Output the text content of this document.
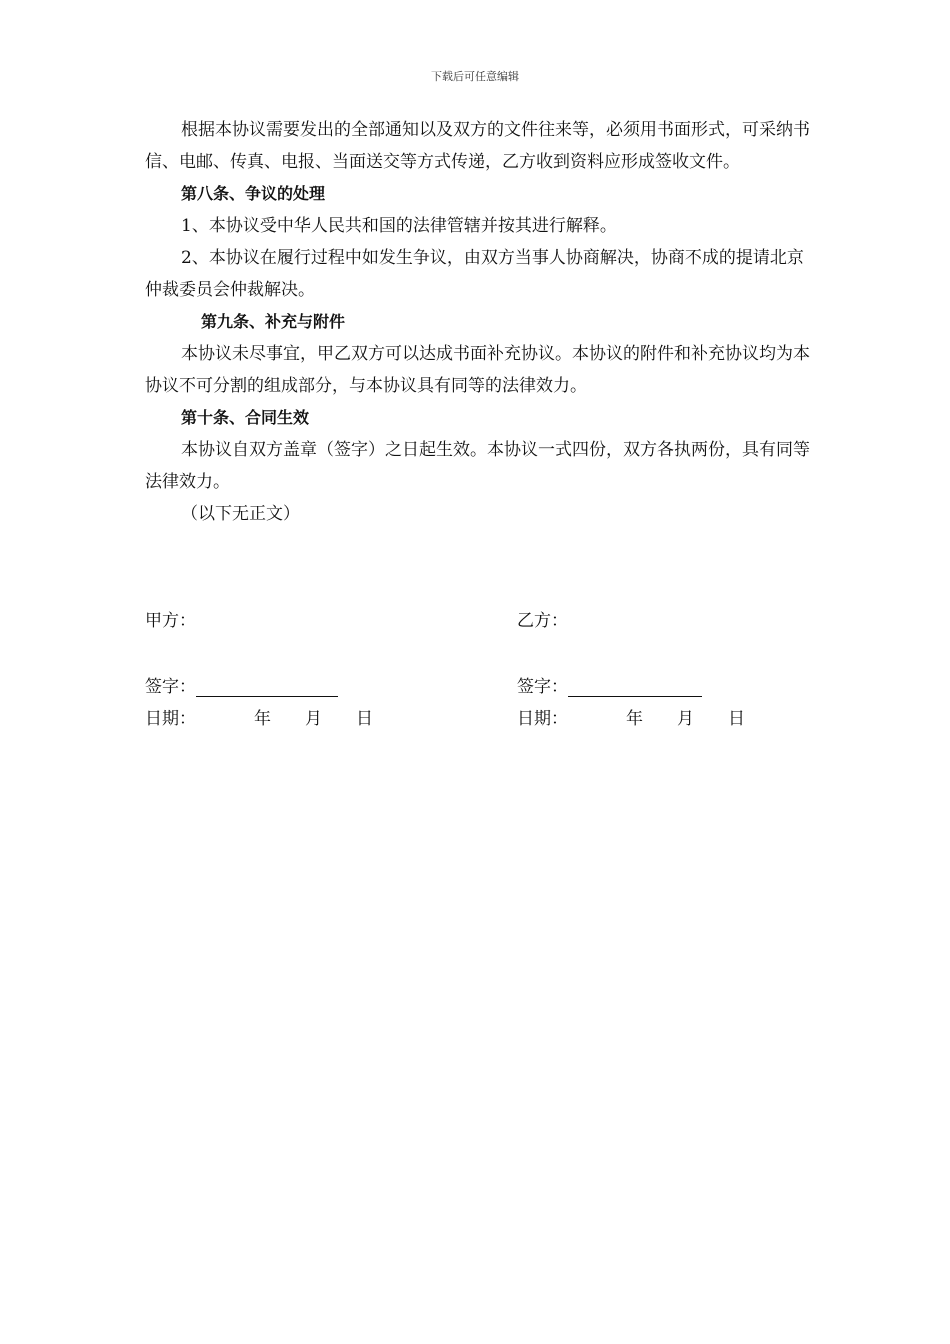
下载后可任意编辑

根据本协议需要发出的全部通知以及双方的文件往来等，必须用书面形式，可采纳书信、电邮、传真、电报、当面送交等方式传递，乙方收到资料应形成签收文件。

第八条、争议的处理

1、本协议受中华人民共和国的法律管辖并按其进行解释。

2、本协议在履行过程中如发生争议，由双方当事人协商解决，协商不成的提请北京仲裁委员会仲裁解决。

第九条、补充与附件

本协议未尽事宜，甲乙双方可以达成书面补充协议。本协议的附件和补充协议均为本协议不可分割的组成部分，与本协议具有同等的法律效力。

第十条、合同生效

本协议自双方盖章（签字）之日起生效。本协议一式四份，双方各执两份，具有同等法律效力。

（以下无正文）

甲方：	乙方：
签字：	签字：
日期：	年 月 日	日期：	年 月 日
